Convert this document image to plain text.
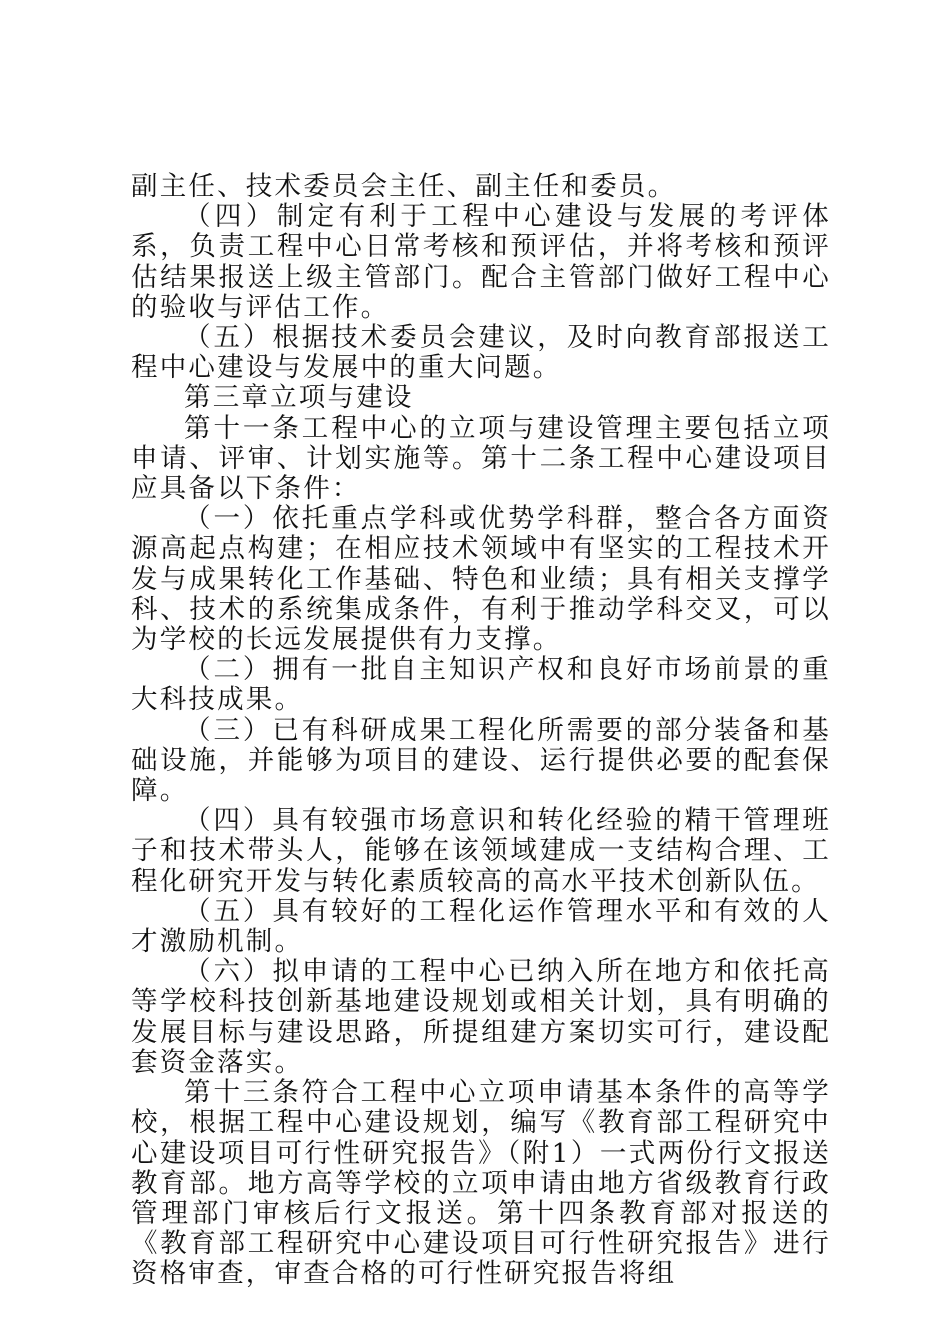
副主任、技术委员会主任、副主任和委员。

（四）制定有利于工程中心建设与发展的考评体系，负责工程中心日常考核和预评估，并将考核和预评估结果报送上级主管部门。配合主管部门做好工程中心的验收与评估工作。

（五）根据技术委员会建议，及时向教育部报送工程中心建设与发展中的重大问题。

第三章立项与建设

第十一条工程中心的立项与建设管理主要包括立项申请、评审、计划实施等。第十二条工程中心建设项目应具备以下条件：

（一）依托重点学科或优势学科群，整合各方面资源高起点构建；在相应技术领域中有坚实的工程技术开发与成果转化工作基础、特色和业绩；具有相关支撑学科、技术的系统集成条件，有利于推动学科交叉，可以为学校的长远发展提供有力支撑。

（二）拥有一批自主知识产权和良好市场前景的重大科技成果。

（三）已有科研成果工程化所需要的部分装备和基础设施，并能够为项目的建设、运行提供必要的配套保障。

（四）具有较强市场意识和转化经验的精干管理班子和技术带头人，能够在该领域建成一支结构合理、工程化研究开发与转化素质较高的高水平技术创新队伍。

（五）具有较好的工程化运作管理水平和有效的人才激励机制。

（六）拟申请的工程中心已纳入所在地方和依托高等学校科技创新基地建设规划或相关计划，具有明确的发展目标与建设思路，所提组建方案切实可行，建设配套资金落实。

第十三条符合工程中心立项申请基本条件的高等学校，根据工程中心建设规划，编写《教育部工程研究中心建设项目可行性研究报告》（附1）一式两份行文报送教育部。地方高等学校的立项申请由地方省级教育行政管理部门审核后行文报送。第十四条教育部对报送的《教育部工程研究中心建设项目可行性研究报告》进行资格审查，审查合格的可行性研究报告将组
